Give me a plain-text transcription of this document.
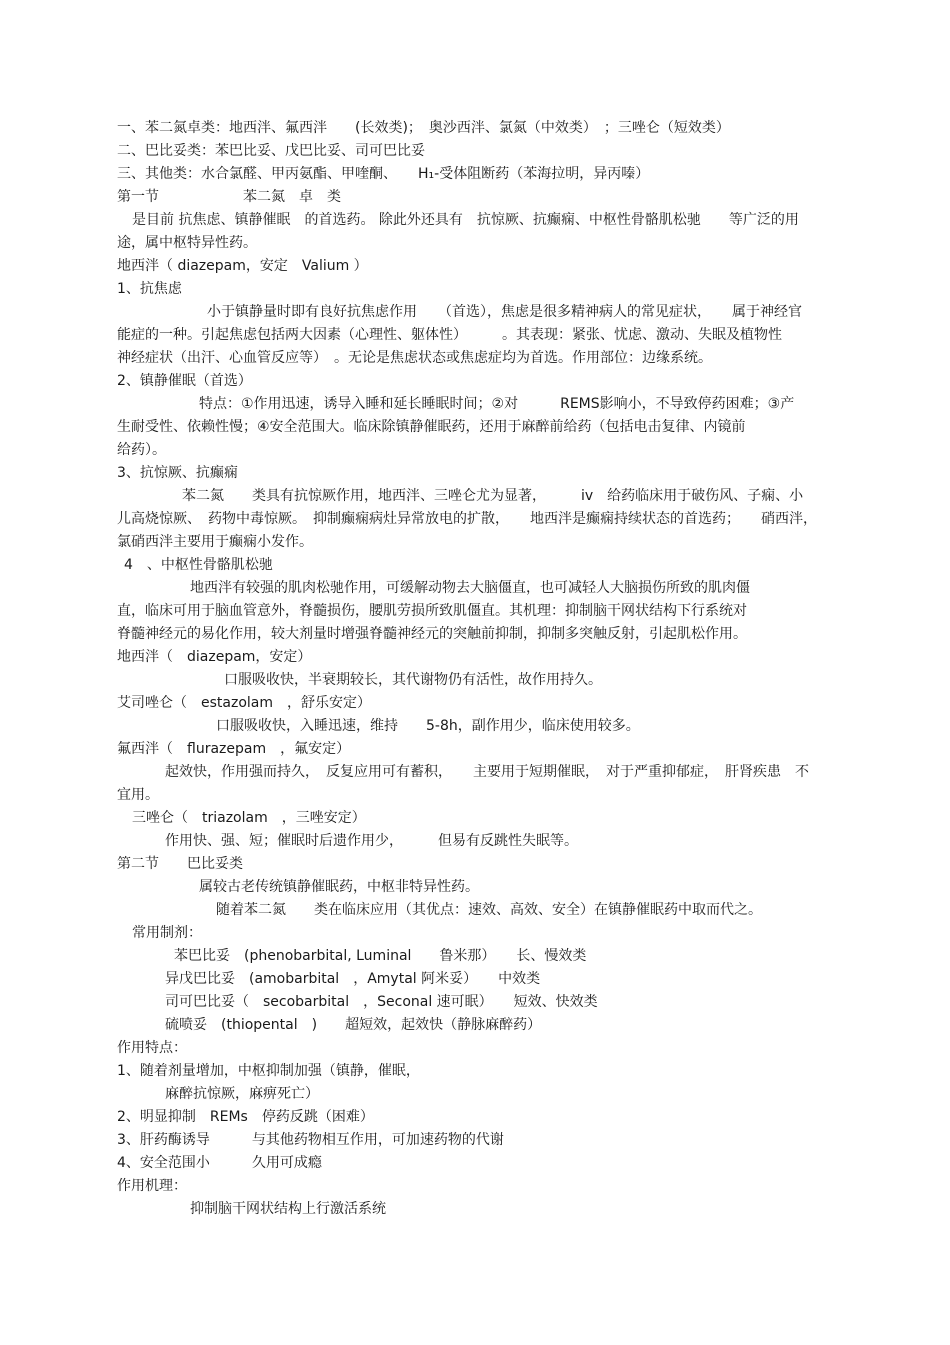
一、苯二氮卓类：地西泮、氟西泮　　(长效类)；　奥沙西泮、氯氮（中效类）　；三唑仑（短效类）
二、巴比妥类：苯巴比妥、戊巴比妥、司可巴比妥
三、其他类：水合氯醛、甲丙氨酯、甲喹酮、　　H₁-受体阻断药（苯海拉明，异丙嗪）
第一节　　　　　　苯二氮　卓　类
是目前 抗焦虑、镇静催眠　的首选药。 除此外还具有　抗惊厥、抗癫痫、中枢性骨骼肌松驰　　等广泛的用
途，属中枢特异性药。
地西泮（ diazepam，安定　Valium ）
1、抗焦虑
小于镇静量时即有良好抗焦虑作用　　（首选），焦虑是很多精神病人的常见症状，　　属于神经官
能症的一种。引起焦虑包括两大因素（心理性、躯体性）　　　。其表现：紧张、忧虑、激动、失眠及植物性
神经症状（出汗、心血管反应等）　。无论是焦虑状态或焦虑症均为首选。作用部位：边缘系统。
2、镇静催眠（首选）
特点：①作用迅速，诱导入睡和延长睡眠时间；②对　　　REMS影响小，不导致停药困难；③产
生耐受性、依赖性慢；④安全范围大。临床除镇静催眠药，还用于麻醉前给药（包括电击复律、内镜前
给药）。
3、抗惊厥、抗癫痫
苯二氮　　类具有抗惊厥作用，地西泮、三唑仑尤为显著，　　　iv　给药临床用于破伤风、子痫、小
儿高烧惊厥、　药物中毒惊厥。　抑制癫痫病灶异常放电的扩散，　　地西泮是癫痫持续状态的首选药；　　硝西泮，
氯硝西泮主要用于癫痫小发作。
4　、中枢性骨骼肌松驰
地西泮有较强的肌肉松驰作用，可缓解动物去大脑僵直，也可减轻人大脑损伤所致的肌肉僵
直，临床可用于脑血管意外，脊髓损伤，腰肌劳损所致肌僵直。其机理：抑制脑干网状结构下行系统对
脊髓神经元的易化作用，较大剂量时增强脊髓神经元的突触前抑制，抑制多突触反射，引起肌松作用。
地西泮（　diazepam，安定）
口服吸收快，半衰期较长，其代谢物仍有活性，故作用持久。
艾司唑仑（　estazolam　，舒乐安定）
口服吸收快，入睡迅速，维持　　5-8h，副作用少，临床使用较多。
氟西泮（　flurazepam　，氟安定）
起效快，作用强而持久，　反复应用可有蓄积，　　主要用于短期催眠，　对于严重抑郁症，　肝肾疾患　不
宜用。
三唑仑（　triazolam　，三唑安定）
作用快、强、短；催眠时后遗作用少，　　　但易有反跳性失眠等。
第二节　　巴比妥类
属较古老传统镇静催眠药，中枢非特异性药。
随着苯二氮　　类在临床应用（其优点：速效、高效、安全）在镇静催眠药中取而代之。
常用制剂：
苯巴比妥　(phenobarbital, Luminal　　鲁米那）　　长、慢效类
异戊巴比妥　(amobarbital　，Amytal 阿米妥）　　中效类
司可巴比妥（　secobarbital　，Seconal 速可眠）　　短效、快效类
硫喷妥　(thiopental　)　　超短效，起效快（静脉麻醉药）
作用特点：
1、随着剂量增加，中枢抑制加强（镇静，催眠，
麻醉抗惊厥，麻痹死亡）
2、明显抑制　REMs　停药反跳（困难）
3、肝药酶诱导　　　与其他药物相互作用，可加速药物的代谢
4、安全范围小　　　久用可成瘾
作用机理：
抑制脑干网状结构上行激活系统
